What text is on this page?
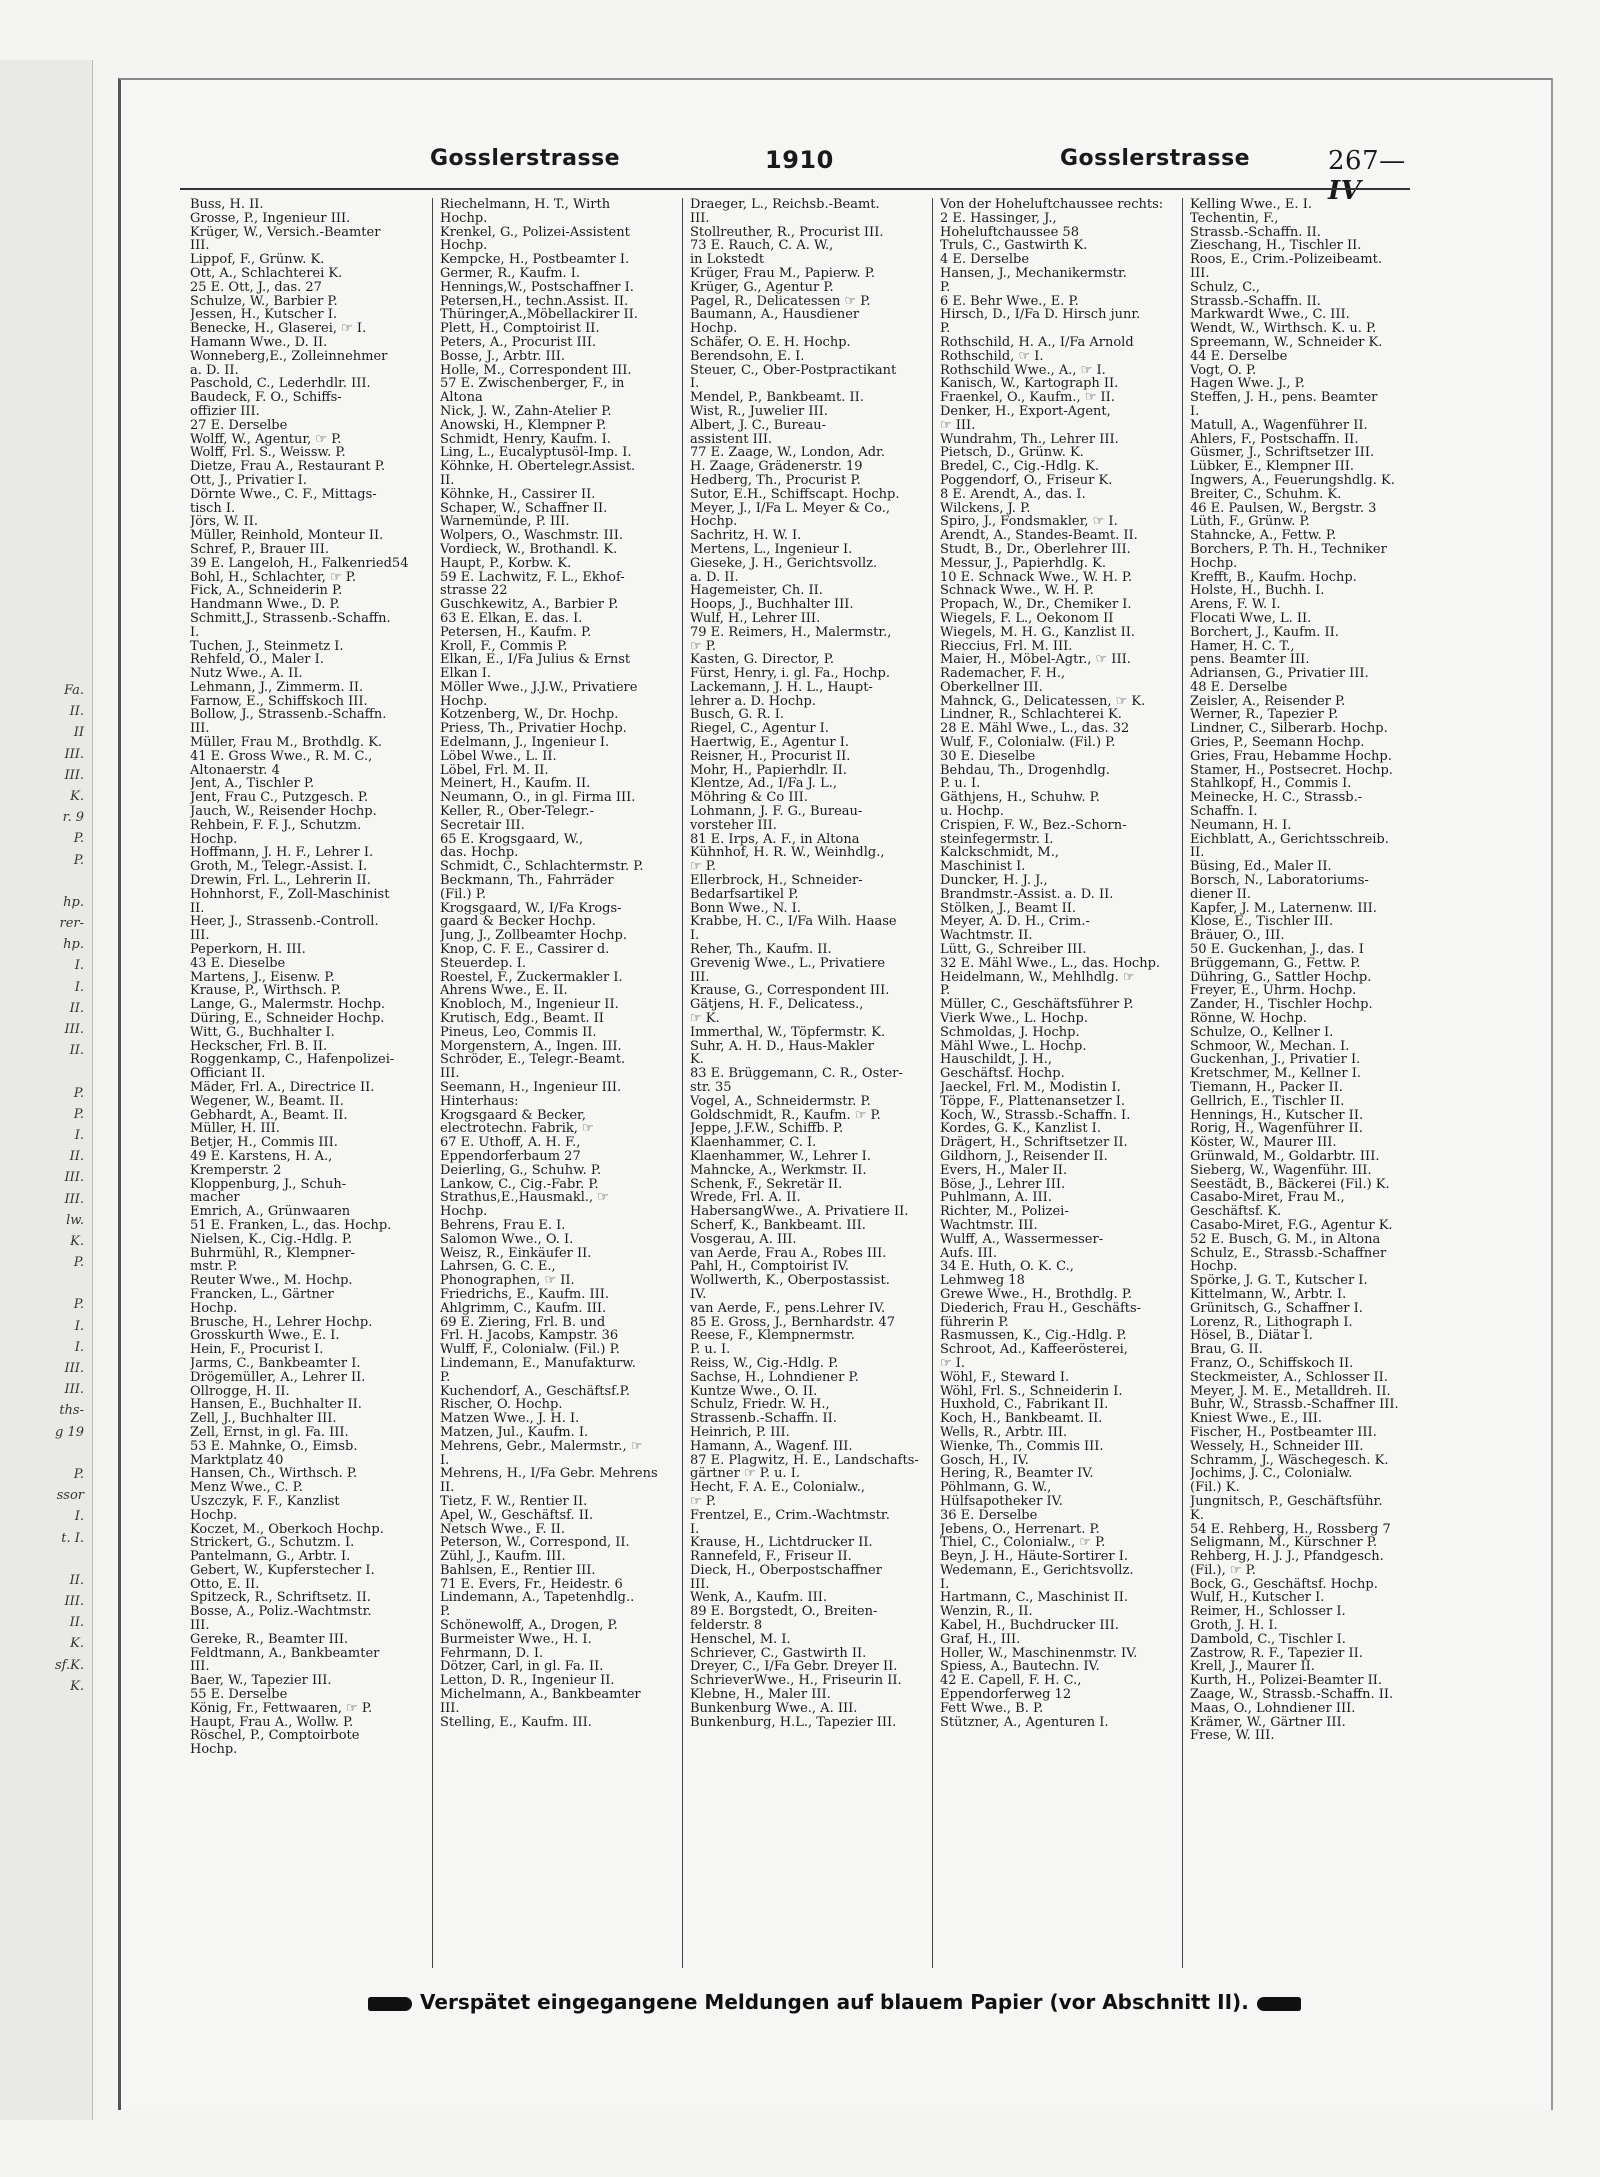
Fa.
II.
II
III.
III.
K.
r. 9
P.
P.
hp.
rer-
hp.
I.
I.
II.
III.
II.
P.
P.
I.
II.
III.
III.
lw.
K.
P.
P.
I.
I.
III.
III.
ths-
g 19
P.
ssor
I.
t. I.
II.
III.
II.
K.
sf.K.
K.
Gosslerstrasse	1910	Gosslerstrasse	267—IV
Buss, H. II.
Grosse, P., Ingenieur III.
Krüger, W., Versich.-Beamter
III.
Lippof, F., Grünw. K.
Ott, A., Schlachterei K.
25 E. Ott, J., das. 27
Schulze, W., Barbier P.
Jessen, H., Kutscher I.
Benecke, H., Glaserei, ☞ I.
Hamann Wwe., D. II.
Wonneberg,E., Zolleinnehmer
a. D. II.
Paschold, C., Lederhdlr. III.
Baudeck, F. O., Schiffs-
offizier III.
27 E. Derselbe
Wolff, W., Agentur, ☞ P.
Wolff, Frl. S., Weissw. P.
Dietze, Frau A., Restaurant P.
Ott, J., Privatier I.
Dörnte Wwe., C. F., Mittags-
tisch I.
Jörs, W. II.
Müller, Reinhold, Monteur II.
Schref, P., Brauer III.
39 E. Langeloh, H., Falkenried54
Bohl, H., Schlachter, ☞ P.
Fick, A., Schneiderin P.
Handmann Wwe., D. P.
Schmitt,J., Strassenb.-Schaffn.
I.
Tuchen, J., Steinmetz I.
Rehfeld, O., Maler I.
Nutz Wwe., A. II.
Lehmann, J., Zimmerm. II.
Farnow, E., Schiffskoch III.
Bollow, J., Strassenb.-Schaffn.
III.
Müller, Frau M., Brothdlg. K.
41 E. Gross Wwe., R. M. C.,
Altonaerstr. 4
Jent, A., Tischler P.
Jent, Frau C., Putzgesch. P.
Jauch, W., Reisender Hochp.
Rehbein, F. F. J., Schutzm.
Hochp.
Hoffmann, J. H. F., Lehrer I.
Groth, M., Telegr.-Assist. I.
Drewin, Frl. L., Lehrerin II.
Hohnhorst, F., Zoll-Maschinist
II.
Heer, J., Strassenb.-Controll.
III.
Peperkorn, H. III.
43 E. Dieselbe
Martens, J., Eisenw. P.
Krause, P., Wirthsch. P.
Lange, G., Malermstr. Hochp.
Düring, E., Schneider Hochp.
Witt, G., Buchhalter I.
Heckscher, Frl. B. II.
Roggenkamp, C., Hafenpolizei-
Officiant II.
Mäder, Frl. A., Directrice II.
Wegener, W., Beamt. II.
Gebhardt, A., Beamt. II.
Müller, H. III.
Betjer, H., Commis III.
49 E. Karstens, H. A.,
Kremperstr. 2
Kloppenburg, J., Schuh-
macher
Emrich, A., Grünwaaren
51 E. Franken, L., das. Hochp.
Nielsen, K., Cig.-Hdlg. P.
Buhrmühl, R., Klempner-
mstr. P.
Reuter Wwe., M. Hochp.
Francken, L., Gärtner
Hochp.
Brusche, H., Lehrer Hochp.
Grosskurth Wwe., E. I.
Hein, F., Procurist I.
Jarms, C., Bankbeamter I.
Drögemüller, A., Lehrer II.
Ollrogge, H. II.
Hansen, E., Buchhalter II.
Zell, J., Buchhalter III.
Zell, Ernst, in gl. Fa. III.
53 E. Mahnke, O., Eimsb.
Marktplatz 40
Hansen, Ch., Wirthsch. P.
Menz Wwe., C. P.
Uszczyk, F. F., Kanzlist
Hochp.
Koczet, M., Oberkoch Hochp.
Strickert, G., Schutzm. I.
Pantelmann, G., Arbtr. I.
Gebert, W., Kupferstecher I.
Otto, E. II.
Spitzeck, R., Schriftsetz. II.
Bosse, A., Poliz.-Wachtmstr.
III.
Gereke, R., Beamter III.
Feldtmann, A., Bankbeamter
III.
Baer, W., Tapezier III.
55 E. Derselbe
König, Fr., Fettwaaren, ☞ P.
Haupt, Frau A., Wollw. P.
Röschel, P., Comptoirbote
Hochp.
Riechelmann, H. T., Wirth
Hochp.
Krenkel, G., Polizei-Assistent
Hochp.
Kempcke, H., Postbeamter I.
Germer, R., Kaufm. I.
Hennings,W., Postschaffner I.
Petersen,H., techn.Assist. II.
Thüringer,A.,Möbellackirer II.
Plett, H., Comptoirist II.
Peters, A., Procurist III.
Bosse, J., Arbtr. III.
Holle, M., Correspondent III.
57 E. Zwischenberger, F., in
Altona
Nick, J. W., Zahn-Atelier P.
Anowski, H., Klempner P.
Schmidt, Henry, Kaufm. I.
Ling, L., Eucalyptusöl-Imp. I.
Köhnke, H. Obertelegr.Assist.
II.
Köhnke, H., Cassirer II.
Schaper, W., Schaffner II.
Warnemünde, P. III.
Wolpers, O., Waschmstr. III.
Vordieck, W., Brothandl. K.
Haupt, P., Korbw. K.
59 E. Lachwitz, F. L., Ekhof-
strasse 22
Guschkewitz, A., Barbier P.
63 E. Elkan, E. das. I.
Petersen, H., Kaufm. P.
Kroll, F., Commis P.
Elkan, E., I/Fa Julius & Ernst
Elkan I.
Möller Wwe., J.J.W., Privatiere
Hochp.
Kotzenberg, W., Dr. Hochp.
Priess, Th., Privatier Hochp.
Edelmann, J., Ingenieur I.
Löbel Wwe., L. II.
Löbel, Frl. M. II.
Meinert, H., Kaufm. II.
Neumann, O., in gl. Firma III.
Keller, R., Ober-Telegr.-
Secretair III.
65 E. Krogsgaard, W.,
das. Hochp.
Schmidt, C., Schlachtermstr. P.
Beckmann, Th., Fahrräder
(Fil.) P.
Krogsgaard, W., I/Fa Krogs-
gaard & Becker Hochp.
Jung, J., Zollbeamter Hochp.
Knop, C. F. E., Cassirer d.
Steuerdep. I.
Roestel, F., Zuckermakler I.
Ahrens Wwe., E. II.
Knobloch, M., Ingenieur II.
Krutisch, Edg., Beamt. II
Pineus, Leo, Commis II.
Morgenstern, A., Ingen. III.
Schröder, E., Telegr.-Beamt.
III.
Seemann, H., Ingenieur III.
Hinterhaus:
Krogsgaard & Becker,
electrotechn. Fabrik, ☞
67 E. Uthoff, A. H. F.,
Eppendorferbaum 27
Deierling, G., Schuhw. P.
Lankow, C., Cig.-Fabr. P.
Strathus,E.,Hausmakl., ☞
Hochp.
Behrens, Frau E. I.
Salomon Wwe., O. I.
Weisz, R., Einkäufer II.
Lahrsen, G. C. E.,
Phonographen, ☞ II.
Friedrichs, E., Kaufm. III.
Ahlgrimm, C., Kaufm. III.
69 E. Ziering, Frl. B. und
Frl. H. Jacobs, Kampstr. 36
Wulff, F., Colonialw. (Fil.) P.
Lindemann, E., Manufakturw.
P.
Kuchendorf, A., Geschäftsf.P.
Rischer, O. Hochp.
Matzen Wwe., J. H. I.
Matzen, Jul., Kaufm. I.
Mehrens, Gebr., Malermstr., ☞
I.
Mehrens, H., I/Fa Gebr. Mehrens
II.
Tietz, F. W., Rentier II.
Apel, W., Geschäftsf. II.
Netsch Wwe., F. II.
Peterson, W., Correspond, II.
Zühl, J., Kaufm. III.
Bahlsen, E., Rentier III.
71 E. Evers, Fr., Heidestr. 6
Lindemann, A., Tapetenhdlg..
P.
Schönewolff, A., Drogen, P.
Burmeister Wwe., H. I.
Fehrmann, D. I.
Dötzer, Carl, in gl. Fa. II.
Letton, D. R., Ingenieur II.
Michelmann, A., Bankbeamter
III.
Stelling, E., Kaufm. III.
Draeger, L., Reichsb.-Beamt.
III.
Stollreuther, R., Procurist III.
73 E. Rauch, C. A. W.,
in Lokstedt
Krüger, Frau M., Papierw. P.
Krüger, G., Agentur P.
Pagel, R., Delicatessen ☞ P.
Baumann, A., Hausdiener
Hochp.
Schäfer, O. E. H. Hochp.
Berendsohn, E. I.
Steuer, C., Ober-Postpractikant
I.
Mendel, P., Bankbeamt. II.
Wist, R., Juwelier III.
Albert, J. C., Bureau-
assistent III.
77 E. Zaage, W., London, Adr.
H. Zaage, Grädenerstr. 19
Hedberg, Th., Procurist P.
Sutor, E.H., Schiffscapt. Hochp.
Meyer, J., I/Fa L. Meyer & Co.,
Hochp.
Sachritz, H. W. I.
Mertens, L., Ingenieur I.
Gieseke, J. H., Gerichtsvollz.
a. D. II.
Hagemeister, Ch. II.
Hoops, J., Buchhalter III.
Wulf, H., Lehrer III.
79 E. Reimers, H., Malermstr.,
☞ P.
Kasten, G. Director, P.
Fürst, Henry, i. gl. Fa., Hochp.
Lackemann, J. H. L., Haupt-
lehrer a. D. Hochp.
Busch, G. R. I.
Riegel, C., Agentur I.
Haertwig, E., Agentur I.
Reisner, H., Procurist II.
Mohr, H., Papierhdlr. II.
Klentze, Ad., I/Fa J. L.,
Möhring & Co III.
Lohmann, J. F. G., Bureau-
vorsteher III.
81 E. Irps, A. F., in Altona
Kühnhof, H. R. W., Weinhdlg.,
☞ P.
Ellerbrock, H., Schneider-
Bedarfsartikel P.
Bonn Wwe., N. I.
Krabbe, H. C., I/Fa Wilh. Haase
I.
Reher, Th., Kaufm. II.
Grevenig Wwe., L., Privatiere
III.
Krause, G., Correspondent III.
Gätjens, H. F., Delicatess.,
☞ K.
Immerthal, W., Töpfermstr. K.
Suhr, A. H. D., Haus-Makler
K.
83 E. Brüggemann, C. R., Oster-
str. 35
Vogel, A., Schneidermstr. P.
Goldschmidt, R., Kaufm. ☞ P.
Jeppe, J.F.W., Schiffb. P.
Klaenhammer, C. I.
Klaenhammer, W., Lehrer I.
Mahncke, A., Werkmstr. II.
Schenk, F., Sekretär II.
Wrede, Frl. A. II.
HabersangWwe., A. Privatiere II.
Scherf, K., Bankbeamt. III.
Vosgerau, A. III.
van Aerde, Frau A., Robes III.
Pahl, H., Comptoirist IV.
Wollwerth, K., Oberpostassist.
IV.
van Aerde, F., pens.Lehrer IV.
85 E. Gross, J., Bernhardstr. 47
Reese, F., Klempnermstr.
P. u. I.
Reiss, W., Cig.-Hdlg. P.
Sachse, H., Lohndiener P.
Kuntze Wwe., O. II.
Schulz, Friedr. W. H.,
Strassenb.-Schaffn. II.
Heinrich, P. III.
Hamann, A., Wagenf. III.
87 E. Plagwitz, H. E., Landschafts-
gärtner ☞ P. u. I.
Hecht, F. A. E., Colonialw.,
☞ P.
Frentzel, E., Crim.-Wachtmstr.
I.
Krause, H., Lichtdrucker II.
Rannefeld, F., Friseur II.
Dieck, H., Oberpostschaffner
III.
Wenk, A., Kaufm. III.
89 E. Borgstedt, O., Breiten-
felderstr. 8
Henschel, M. I.
Schriever, C., Gastwirth II.
Dreyer, C., I/Fa Gebr. Dreyer II.
SchrieverWwe., H., Friseurin II.
Klebne, H., Maler III.
Bunkenburg Wwe., A. III.
Bunkenburg, H.L., Tapezier III.
Von der Hoheluftchaussee rechts:
2 E. Hassinger, J.,
Hoheluftchaussee 58
Truls, C., Gastwirth K.
4 E. Derselbe
Hansen, J., Mechanikermstr.
P.
6 E. Behr Wwe., E. P.
Hirsch, D., I/Fa D. Hirsch junr.
P.
Rothschild, H. A., I/Fa Arnold
Rothschild, ☞ I.
Rothschild Wwe., A., ☞ I.
Kanisch, W., Kartograph II.
Fraenkel, O., Kaufm., ☞ II.
Denker, H., Export-Agent,
☞ III.
Wundrahm, Th., Lehrer III.
Pietsch, D., Grünw. K.
Bredel, C., Cig.-Hdlg. K.
Poggendorf, O., Friseur K.
8 E. Arendt, A., das. I.
Wilckens, J. P.
Spiro, J., Fondsmakler, ☞ I.
Arendt, A., Standes-Beamt. II.
Studt, B., Dr., Oberlehrer III.
Messur, J., Papierhdlg. K.
10 E. Schnack Wwe., W. H. P.
Schnack Wwe., W. H. P.
Propach, W., Dr., Chemiker I.
Wiegels, F. L., Oekonom II
Wiegels, M. H. G., Kanzlist II.
Rieccius, Frl. M. III.
Maier, H., Möbel-Agtr., ☞ III.
Rademacher, F. H.,
Oberkellner III.
Mahnck, G., Delicatessen, ☞ K.
Lindner, R., Schlachterei K.
28 E. Mähl Wwe., L., das. 32
Wulf, F., Colonialw. (Fil.) P.
30 E. Dieselbe
Behdau, Th., Drogenhdlg.
P. u. I.
Gäthjens, H., Schuhw. P.
u. Hochp.
Crispien, F. W., Bez.-Schorn-
steinfegermstr. I.
Kalckschmidt, M.,
Maschinist I.
Duncker, H. J. J.,
Brandmstr.-Assist. a. D. II.
Stölken, J., Beamt II.
Meyer, A. D. H., Crim.-
Wachtmstr. II.
Lütt, G., Schreiber III.
32 E. Mähl Wwe., L., das. Hochp.
Heidelmann, W., Mehlhdlg. ☞
P.
Müller, C., Geschäftsführer P.
Vierk Wwe., L. Hochp.
Schmoldas, J. Hochp.
Mähl Wwe., L. Hochp.
Hauschildt, J. H.,
Geschäftsf. Hochp.
Jaeckel, Frl. M., Modistin I.
Töppe, F., Plattenansetzer I.
Koch, W., Strassb.-Schaffn. I.
Kordes, G. K., Kanzlist I.
Drägert, H., Schriftsetzer II.
Gildhorn, J., Reisender II.
Evers, H., Maler II.
Böse, J., Lehrer III.
Puhlmann, A. III.
Richter, M., Polizei-
Wachtmstr. III.
Wulff, A., Wassermesser-
Aufs. III.
34 E. Huth, O. K. C.,
Lehmweg 18
Grewe Wwe., H., Brothdlg. P.
Diederich, Frau H., Geschäfts-
führerin P.
Rasmussen, K., Cig.-Hdlg. P.
Schroot, Ad., Kaffeerösterei,
☞ I.
Wöhl, F., Steward I.
Wöhl, Frl. S., Schneiderin I.
Huxhold, C., Fabrikant II.
Koch, H., Bankbeamt. II.
Wells, R., Arbtr. III.
Wienke, Th., Commis III.
Gosch, H., IV.
Hering, R., Beamter IV.
Pöhlmann, G. W.,
Hülfsapotheker IV.
36 E. Derselbe
Jebens, O., Herrenart. P.
Thiel, C., Colonialw., ☞ P.
Beyn, J. H., Häute-Sortirer I.
Wedemann, E., Gerichtsvollz.
I.
Hartmann, C., Maschinist II.
Wenzin, R., II.
Kabel, H., Buchdrucker III.
Graf, H., III.
Holler, W., Maschinenmstr. IV.
Spiess, A., Bautechn. IV.
42 E. Capell, F. H. C.,
Eppendorferweg 12
Fett Wwe., B. P.
Stützner, A., Agenturen I.
Kelling Wwe., E. I.
Techentin, F.,
Strassb.-Schaffn. II.
Zieschang, H., Tischler II.
Roos, E., Crim.-Polizeibeamt.
III.
Schulz, C.,
Strassb.-Schaffn. II.
Markwardt Wwe., C. III.
Wendt, W., Wirthsch. K. u. P.
Spreemann, W., Schneider K.
44 E. Derselbe
Vogt, O. P.
Hagen Wwe. J., P.
Steffen, J. H., pens. Beamter
I.
Matull, A., Wagenführer II.
Ahlers, F., Postschaffn. II.
Güsmer, J., Schriftsetzer III.
Lübker, E., Klempner III.
Ingwers, A., Feuerungshdlg. K.
Breiter, C., Schuhm. K.
46 E. Paulsen, W., Bergstr. 3
Lüth, F., Grünw. P.
Stahncke, A., Fettw. P.
Borchers, P. Th. H., Techniker
Hochp.
Krefft, B., Kaufm. Hochp.
Holste, H., Buchh. I.
Arens, F. W. I.
Flocati Wwe, L. II.
Borchert, J., Kaufm. II.
Hamer, H. C. T.,
pens. Beamter III.
Adriansen, G., Privatier III.
48 E. Derselbe
Zeisler, A., Reisender P.
Werner, R., Tapezier P.
Lindner, C., Silberarb. Hochp.
Gries, P., Seemann Hochp.
Gries, Frau, Hebamme Hochp.
Stamer, H., Postsecret. Hochp.
Stahlkopf, H., Commis I.
Meinecke, H. C., Strassb.-
Schaffn. I.
Neumann, H. I.
Eichblatt, A., Gerichtsschreib.
II.
Büsing, Ed., Maler II.
Borsch, N., Laboratoriums-
diener II.
Kapfer, J. M., Laternenw. III.
Klose, E., Tischler III.
Bräuer, O., III.
50 E. Guckenhan, J., das. I
Brüggemann, G., Fettw. P.
Dühring, G., Sattler Hochp.
Freyer, E., Uhrm. Hochp.
Zander, H., Tischler Hochp.
Rönne, W. Hochp.
Schulze, O., Kellner I.
Schmoor, W., Mechan. I.
Guckenhan, J., Privatier I.
Kretschmer, M., Kellner I.
Tiemann, H., Packer II.
Gellrich, E., Tischler II.
Hennings, H., Kutscher II.
Rorig, H., Wagenführer II.
Köster, W., Maurer III.
Grünwald, M., Goldarbtr. III.
Sieberg, W., Wagenführ. III.
Seestädt, B., Bäckerei (Fil.) K.
Casabo-Miret, Frau M.,
Geschäftsf. K.
Casabo-Miret, F.G., Agentur K.
52 E. Busch, G. M., in Altona
Schulz, E., Strassb.-Schaffner
Hochp.
Spörke, J. G. T., Kutscher I.
Kittelmann, W., Arbtr. I.
Grünitsch, G., Schaffner I.
Lorenz, R., Lithograph I.
Hösel, B., Diätar I.
Brau, G. II.
Franz, O., Schiffskoch II.
Steckmeister, A., Schlosser II.
Meyer, J. M. E., Metalldreh. II.
Buhr, W., Strassb.-Schaffner III.
Kniest Wwe., E., III.
Fischer, H., Postbeamter III.
Wessely, H., Schneider III.
Schramm, J., Wäschegesch. K.
Jochims, J. C., Colonialw.
(Fil.) K.
Jungnitsch, P., Geschäftsführ.
K.
54 E. Rehberg, H., Rossberg 7
Seligmann, M., Kürschner P.
Rehberg, H. J. J., Pfandgesch.
(Fil.), ☞ P.
Bock, G., Geschäftsf. Hochp.
Wulf, H., Kutscher I.
Reimer, H., Schlosser I.
Groth, J. H. I.
Dambold, C., Tischler I.
Zastrow, R. F., Tapezier II.
Krell, J., Maurer II.
Kurth, H., Polizei-Beamter II.
Zaage, W., Strassb.-Schaffn. II.
Maas, O., Lohndiener III.
Krämer, W., Gärtner III.
Frese, W. III.
Verspätet eingegangene Meldungen auf blauem Papier (vor Abschnitt II).
